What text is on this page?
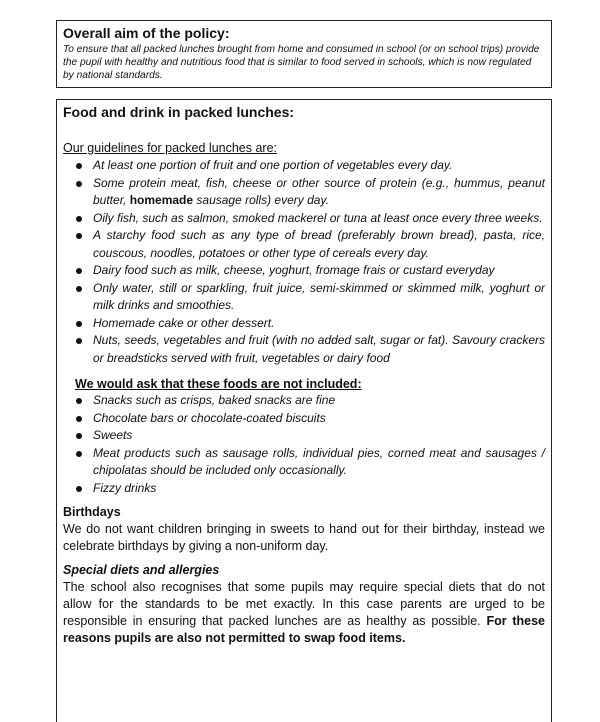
Overall aim of the policy:

To ensure that all packed lunches brought from home and consumed in school (or on school trips) provide the pupil with healthy and nutritious food that is similar to food served in schools, which is now regulated by national standards.

Food and drink in packed lunches:

Our guidelines for packed lunches are:

At least one portion of fruit and one portion of vegetables every day.
Some protein meat, fish, cheese or other source of protein (e.g., hummus, peanut butter, homemade sausage rolls) every day.
Oily fish, such as salmon, smoked mackerel or tuna at least once every three weeks.
A starchy food such as any type of bread (preferably brown bread), pasta, rice, couscous, noodles, potatoes or other type of cereals every day.
Dairy food such as milk, cheese, yoghurt, fromage frais or custard everyday
Only water, still or sparkling, fruit juice, semi-skimmed or skimmed milk, yoghurt or milk drinks and smoothies.
Homemade cake or other dessert.
Nuts, seeds, vegetables and fruit (with no added salt, sugar or fat). Savoury crackers or breadsticks served with fruit, vegetables or dairy food

We would ask that these foods are not included:

Snacks such as crisps, baked snacks are fine
Chocolate bars or chocolate-coated biscuits
Sweets
Meat products such as sausage rolls, individual pies, corned meat and sausages / chipolatas should be included only occasionally.
Fizzy drinks

Birthdays

We do not want children bringing in sweets to hand out for their birthday, instead we celebrate birthdays by giving a non-uniform day.

Special diets and allergies

The school also recognises that some pupils may require special diets that do not allow for the standards to be met exactly. In this case parents are urged to be responsible in ensuring that packed lunches are as healthy as possible. For these reasons pupils are also not permitted to swap food items.
